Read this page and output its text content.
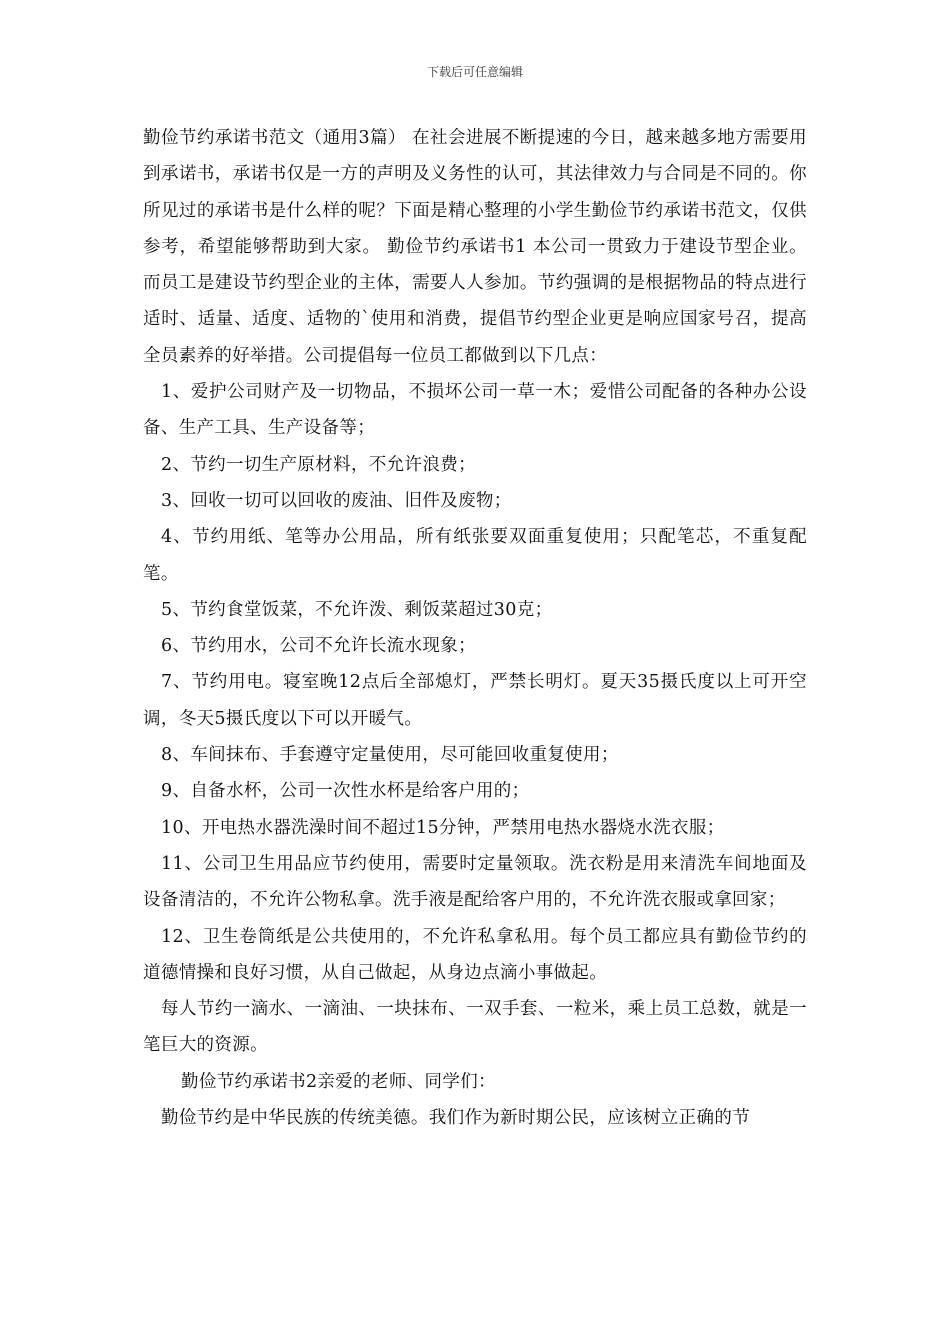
下载后可任意编辑

勤俭节约承诺书范文（通用3篇） 在社会进展不断提速的今日，越来越多地方需要用到承诺书，承诺书仅是一方的声明及义务性的认可，其法律效力与合同是不同的。你所见过的承诺书是什么样的呢？下面是精心整理的小学生勤俭节约承诺书范文，仅供参考，希望能够帮助到大家。 勤俭节约承诺书1 本公司一贯致力于建设节型企业。而员工是建设节约型企业的主体，需要人人参加。节约强调的是根据物品的特点进行适时、适量、适度、适物的`使用和消费，提倡节约型企业更是响应国家号召，提高全员素养的好举措。公司提倡每一位员工都做到以下几点：

1、爱护公司财产及一切物品，不损坏公司一草一木；爱惜公司配备的各种办公设备、生产工具、生产设备等；

2、节约一切生产原材料，不允许浪费；

3、回收一切可以回收的废油、旧件及废物；

4、节约用纸、笔等办公用品，所有纸张要双面重复使用；只配笔芯，不重复配笔。

5、节约食堂饭菜，不允许泼、剩饭菜超过30克；

6、节约用水，公司不允许长流水现象；

7、节约用电。寝室晚12点后全部熄灯，严禁长明灯。夏天35摄氏度以上可开空调，冬天5摄氏度以下可以开暖气。

8、车间抹布、手套遵守定量使用，尽可能回收重复使用；

9、自备水杯，公司一次性水杯是给客户用的；

10、开电热水器洗澡时间不超过15分钟，严禁用电热水器烧水洗衣服；

11、公司卫生用品应节约使用，需要时定量领取。洗衣粉是用来清洗车间地面及设备清洁的，不允许公物私拿。洗手液是配给客户用的，不允许洗衣服或拿回家；

12、卫生卷筒纸是公共使用的，不允许私拿私用。每个员工都应具有勤俭节约的道德情操和良好习惯，从自己做起，从身边点滴小事做起。

每人节约一滴水、一滴油、一块抹布、一双手套、一粒米，乘上员工总数，就是一笔巨大的资源。

勤俭节约承诺书2亲爱的老师、同学们：

勤俭节约是中华民族的传统美德。我们作为新时期公民，应该树立正确的节
